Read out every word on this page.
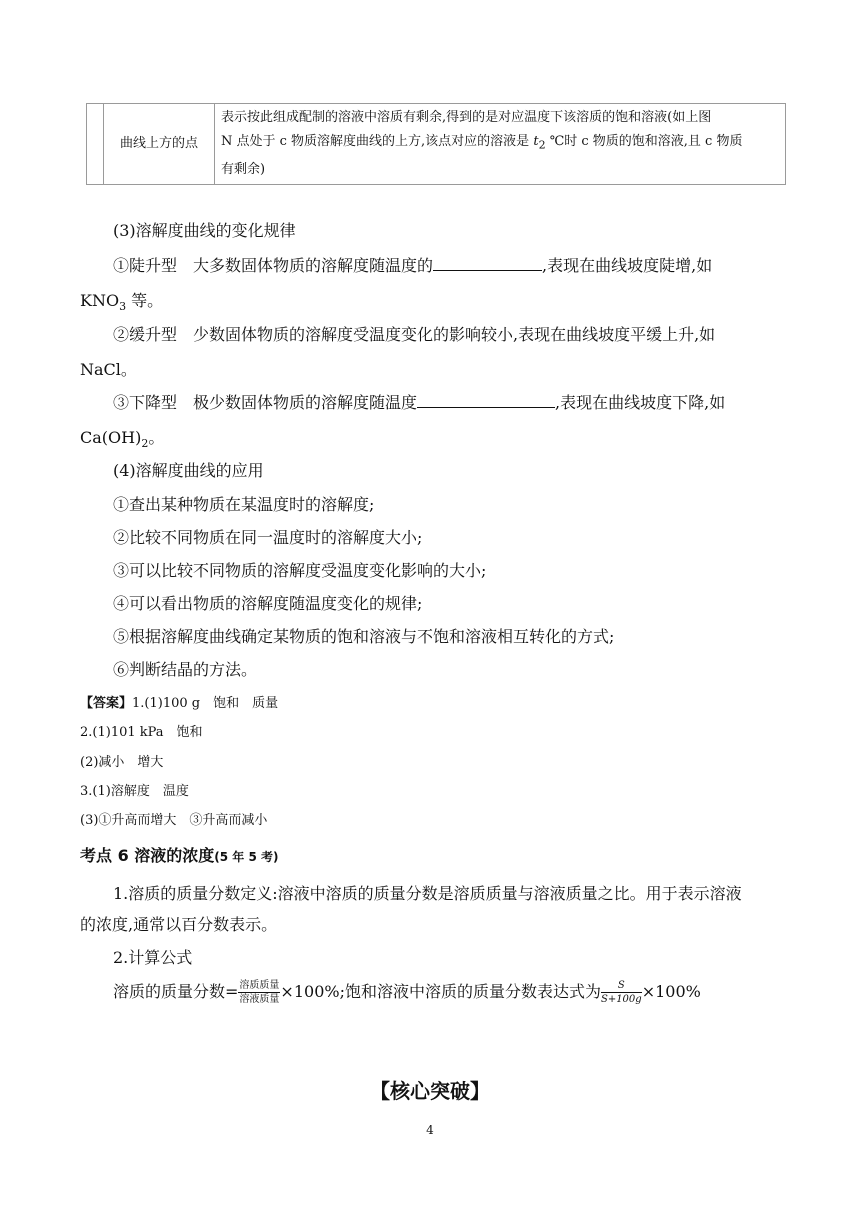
	曲线上方的点	
表示按此组成配制的溶液中溶质有剩余,得到的是对应温度下该溶质的饱和溶液(如上图
N 点处于 c 物质溶解度曲线的上方,该点对应的溶液是 $t_2$ ℃时 c 物质的饱和溶液,且 c 物质
有剩余)
(3)溶解度曲线的变化规律
①陡升型　大多数固体物质的溶解度随温度的	,表现在曲线坡度陡增,如
$KNO_3$ 等。
②缓升型　少数固体物质的溶解度受温度变化的影响较小,表现在曲线坡度平缓上升,如
NaCl。
③下降型　极少数固体物质的溶解度随温度	,表现在曲线坡度下降,如
$Ca(OH)_2$。
(4)溶解度曲线的应用
①查出某种物质在某温度时的溶解度;
②比较不同物质在同一温度时的溶解度大小;
③可以比较不同物质的溶解度受温度变化影响的大小;
④可以看出物质的溶解度随温度变化的规律;
⑤根据溶解度曲线确定某物质的饱和溶液与不饱和溶液相互转化的方式;
⑥判断结晶的方法。
【答案】1.(1)100 g　饱和　质量
2.(1)101 kPa　饱和
(2)减小　增大
3.(1)溶解度　温度
(3)①升高而增大　③升高而减小
考点 6 溶液的浓度(5 年 5 考)
1.溶质的质量分数定义:溶液中溶质的质量分数是溶质质量与溶液质量之比。用于表示溶液
的浓度,通常以百分数表示。
2.计算公式
溶质的质量分数= $\frac{\text{溶质质量}}{\text{溶液质量}} \times 100\%$;饱和溶液中溶质的质量分数表达式为 $\frac{S}{S+100g} \times 100\%$
【核心突破】
4
